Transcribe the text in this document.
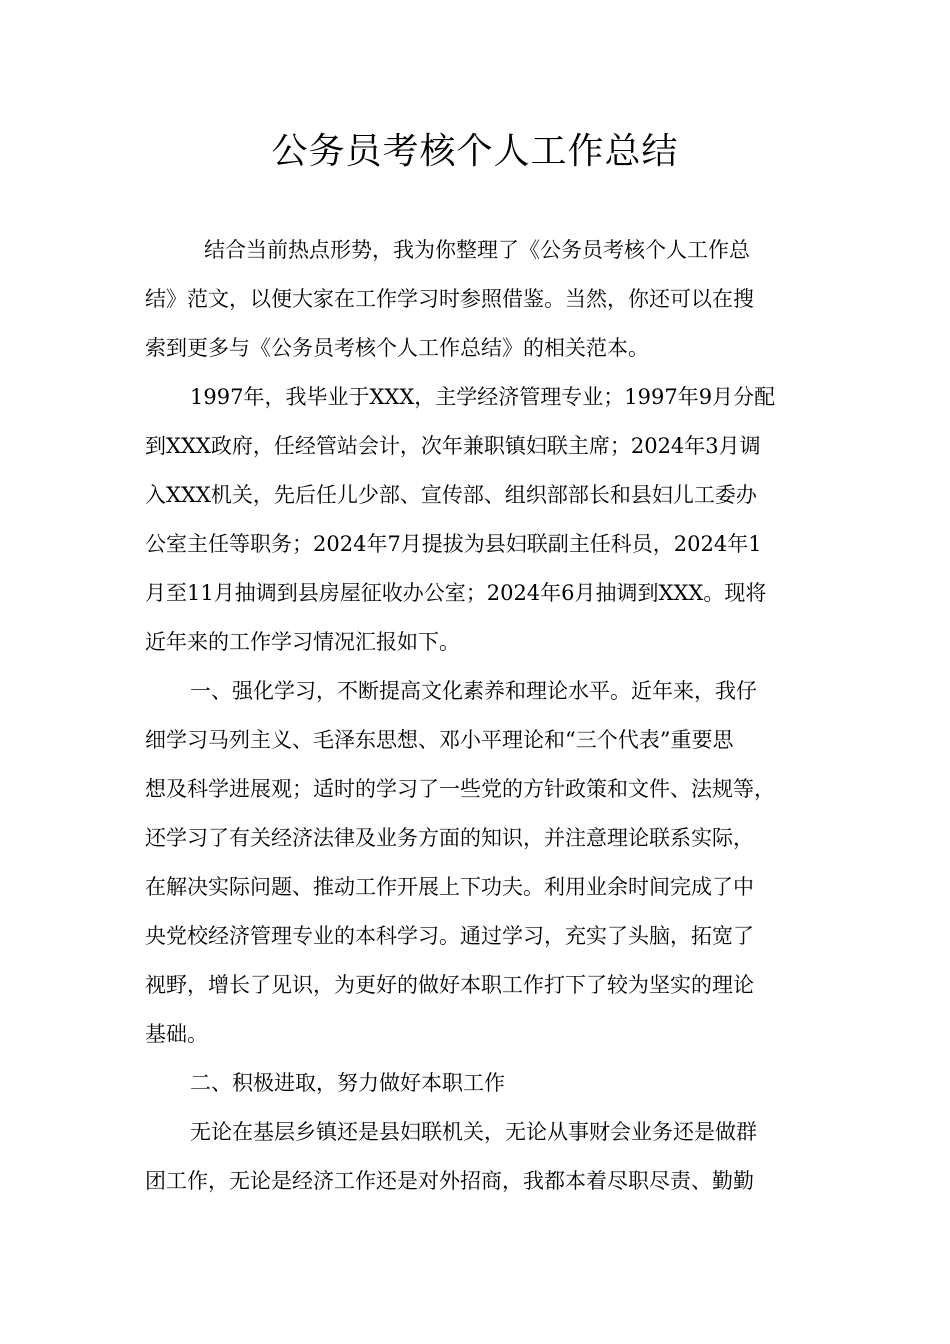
公务员考核个人工作总结
结合当前热点形势，我为你整理了《公务员考核个人工作总
结》范文，以便大家在工作学习时参照借鉴。当然，你还可以在搜
索到更多与《公务员考核个人工作总结》的相关范本。
1997年，我毕业于XXX，主学经济管理专业；1997年9月分配
到XXX政府，任经管站会计，次年兼职镇妇联主席；2024年3月调
入XXX机关，先后任儿少部、宣传部、组织部部长和县妇儿工委办
公室主任等职务；2024年7月提拔为县妇联副主任科员，2024年1
月至11月抽调到县房屋征收办公室；2024年6月抽调到XXX。现将
近年来的工作学习情况汇报如下。
一、强化学习，不断提高文化素养和理论水平。近年来，我仔
细学习马列主义、毛泽东思想、邓小平理论和“三个代表”重要思
想及科学进展观；适时的学习了一些党的方针政策和文件、法规等，
还学习了有关经济法律及业务方面的知识，并注意理论联系实际，
在解决实际问题、推动工作开展上下功夫。利用业余时间完成了中
央党校经济管理专业的本科学习。通过学习，充实了头脑，拓宽了
视野，增长了见识，为更好的做好本职工作打下了较为坚实的理论
基础。
二、积极进取，努力做好本职工作
无论在基层乡镇还是县妇联机关，无论从事财会业务还是做群
团工作，无论是经济工作还是对外招商，我都本着尽职尽责、勤勤
